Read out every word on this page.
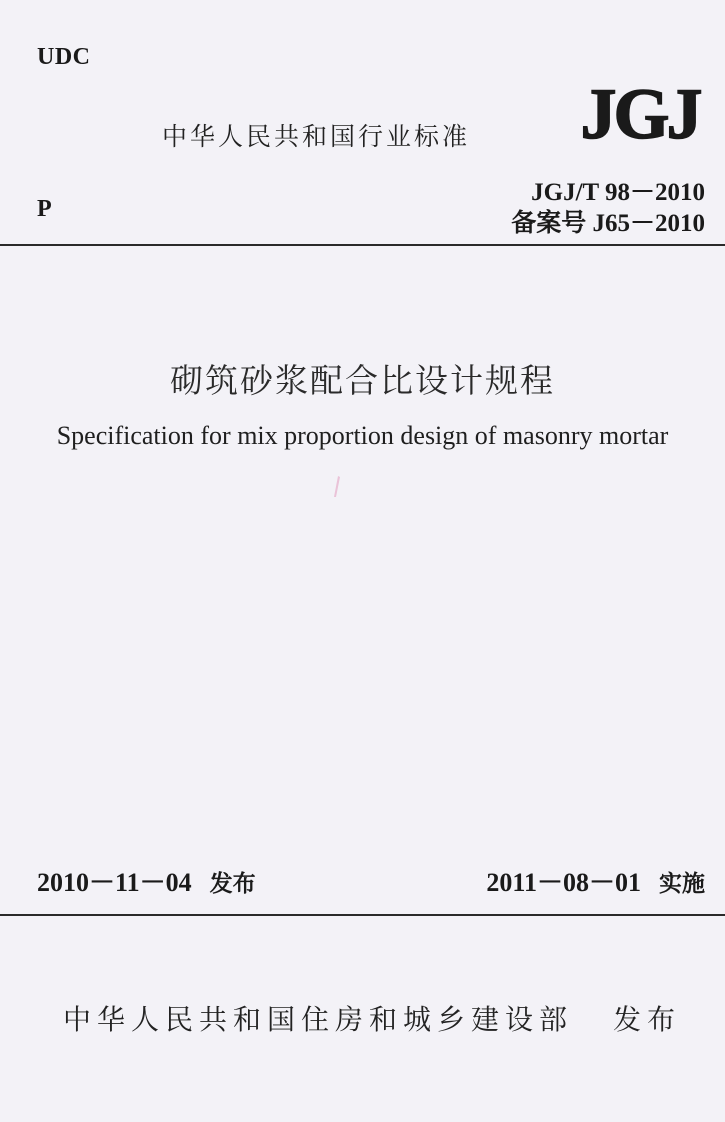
UDC
中华人民共和国行业标准 JGJ
P
JGJ/T 98－2010
备案号 J65－2010
砌筑砂浆配合比设计规程
Specification for mix proportion design of masonry mortar
2010－11－04 发布	2011－08－01 实施
中华人民共和国住房和城乡建设部 发布
